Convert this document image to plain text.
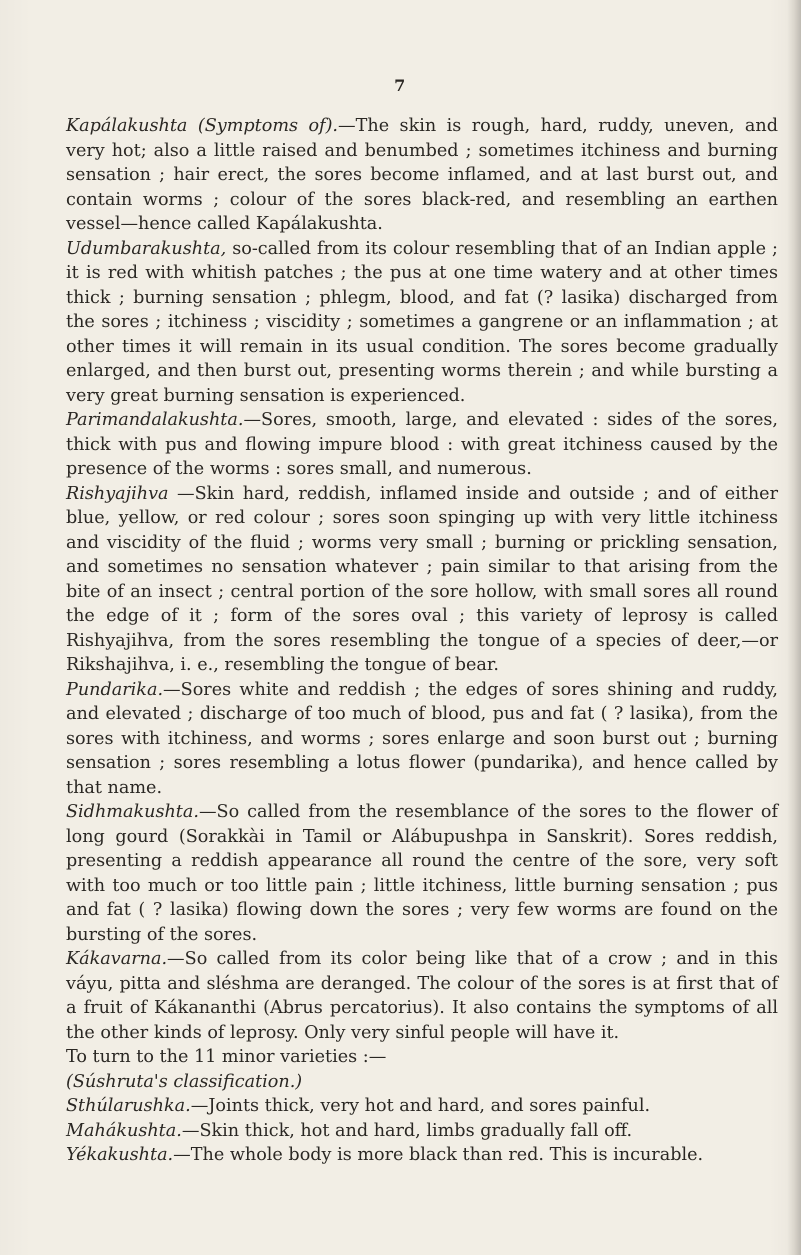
7

Kapálakushta (Symptoms of).—The skin is rough, hard, ruddy, uneven, and very hot; also a little raised and benumbed ; sometimes itchiness and burning sensation ; hair erect, the sores become inflamed, and at last burst out, and contain worms ; colour of the sores black-red, and resembling an earthen vessel—hence called Kapálakushta.

Udumbarakushta, so-called from its colour resembling that of an Indian apple ; it is red with whitish patches ; the pus at one time watery and at other times thick ; burning sensation ; phlegm, blood, and fat (? lasika) discharged from the sores ; itchiness ; viscidity ; sometimes a gangrene or an inflammation ; at other times it will remain in its usual condition. The sores become gradually enlarged, and then burst out, presenting worms therein ; and while bursting a very great burning sensation is experienced.

Parimandalakushta.—Sores, smooth, large, and elevated : sides of the sores, thick with pus and flowing impure blood : with great itchiness caused by the presence of the worms : sores small, and numerous.

Rishyajihva —Skin hard, reddish, inflamed inside and outside ; and of either blue, yellow, or red colour ; sores soon spinging up with very little itchiness and viscidity of the fluid ; worms very small ; burning or prickling sensation, and sometimes no sensation whatever ; pain similar to that arising from the bite of an insect ; central portion of the sore hollow, with small sores all round the edge of it ; form of the sores oval ; this variety of leprosy is called Rishyajihva, from the sores resembling the tongue of a species of deer,—or Rikshajihva, i. e., resembling the tongue of bear.

Pundarika.—Sores white and reddish ; the edges of sores shining and ruddy, and elevated ; discharge of too much of blood, pus and fat ( ? lasika), from the sores with itchiness, and worms ; sores enlarge and soon burst out ; burning sensation ; sores resembling a lotus flower (pundarika), and hence called by that name.

Sidhmakushta.—So called from the resemblance of the sores to the flower of long gourd (Sorakkài in Tamil or Alábupushpa in Sanskrit). Sores reddish, presenting a reddish appearance all round the centre of the sore, very soft with too much or too little pain ; little itchiness, little burning sensation ; pus and fat ( ? lasika) flowing down the sores ; very few worms are found on the bursting of the sores.

Kákavarna.—So called from its color being like that of a crow ; and in this váyu, pitta and sléshma are deranged. The colour of the sores is at first that of a fruit of Kákananthi (Abrus percatorius). It also contains the symptoms of all the other kinds of leprosy. Only very sinful people will have it.

To turn to the 11 minor varieties :—

(Súshruta's classification.)

Sthúlarushka.—Joints thick, very hot and hard, and sores painful.

Mahákushta.—Skin thick, hot and hard, limbs gradually fall off.

Yékakushta.—The whole body is more black than red. This is incurable.
